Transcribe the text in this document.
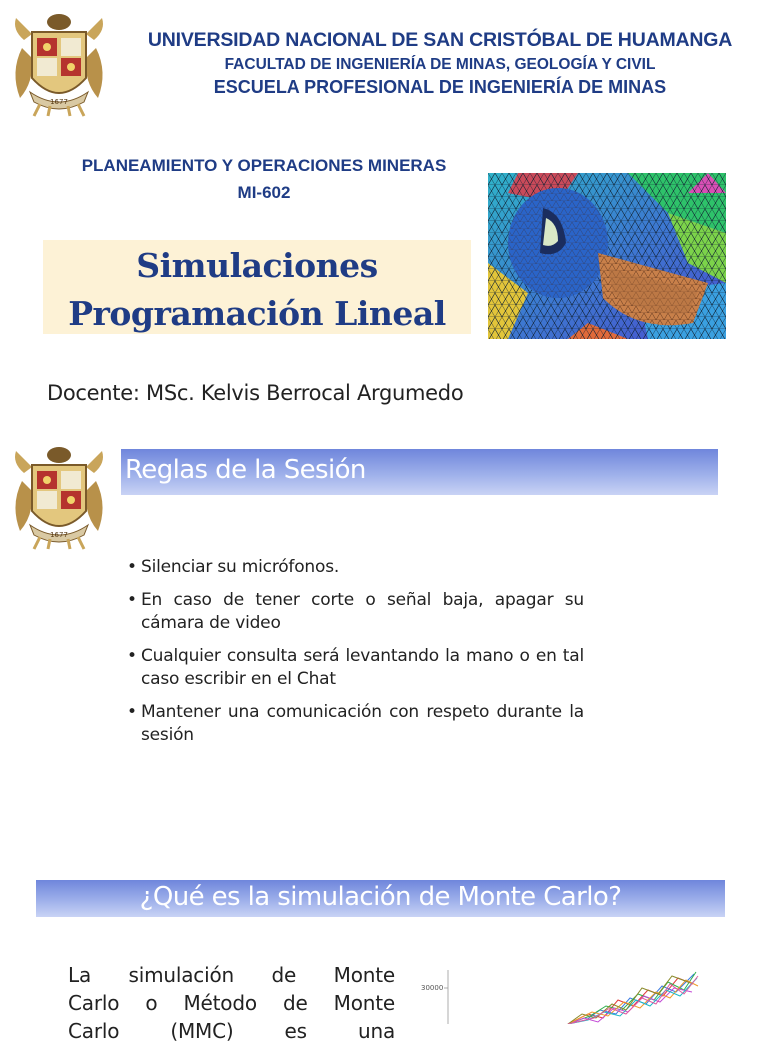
1677
UNIVERSIDAD NACIONAL DE SAN CRISTÓBAL DE HUAMANGA
FACULTAD DE INGENIERÍA DE MINAS, GEOLOGÍA Y CIVIL
ESCUELA PROFESIONAL DE INGENIERÍA DE MINAS
PLANEAMIENTO Y OPERACIONES MINERAS
MI-602
Simulaciones
Programación Lineal
Docente: MSc. Kelvis Berrocal Argumedo
1677
Reglas de la Sesión
• Silenciar su micrófonos.
• En caso de tener corte o señal baja, apagar su cámara de video
• Cualquier consulta será levantando la mano o en tal caso escribir en el Chat
• Mantener una comunicación con respeto durante la sesión
¿Qué es la simulación de Monte Carlo?
La simulación de Monte
Carlo o Método de Monte
Carlo (MMC) es una
30000
